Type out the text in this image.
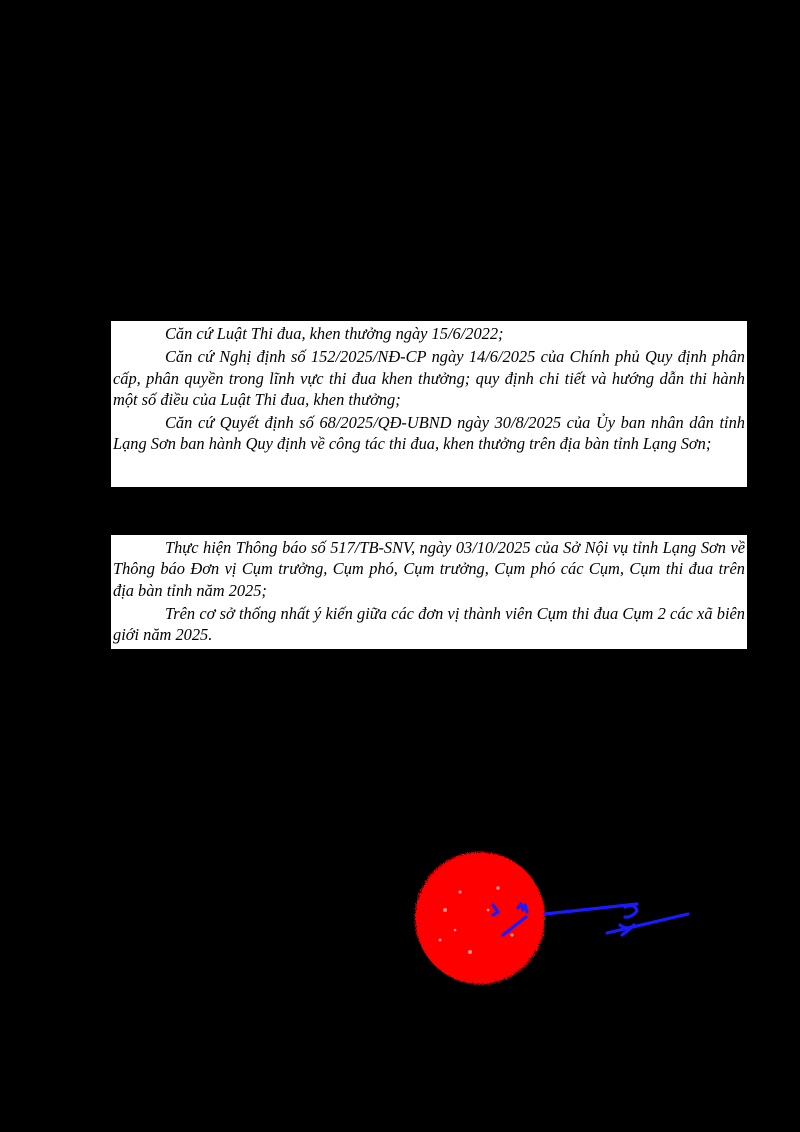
Căn cứ Luật Thi đua, khen thưởng ngày 15/6/2022;

Căn cứ Nghị định số 152/2025/NĐ-CP ngày 14/6/2025 của Chính phủ Quy định phân cấp, phân quyền trong lĩnh vực thi đua khen thưởng; quy định chi tiết và hướng dẫn thi hành một số điều của Luật Thi đua, khen thưởng;

Căn cứ Quyết định số 68/2025/QĐ-UBND ngày 30/8/2025 của Ủy ban nhân dân tỉnh Lạng Sơn ban hành Quy định về công tác thi đua, khen thưởng trên địa bàn tỉnh Lạng Sơn;

Thực hiện Thông báo số 517/TB-SNV, ngày 03/10/2025 của Sở Nội vụ tỉnh Lạng Sơn về Thông báo Đơn vị Cụm trưởng, Cụm phó, Cụm trưởng, Cụm phó các Cụm, Cụm thi đua trên địa bàn tỉnh năm 2025;

Trên cơ sở thống nhất ý kiến giữa các đơn vị thành viên Cụm thi đua Cụm 2 các xã biên giới năm 2025.
